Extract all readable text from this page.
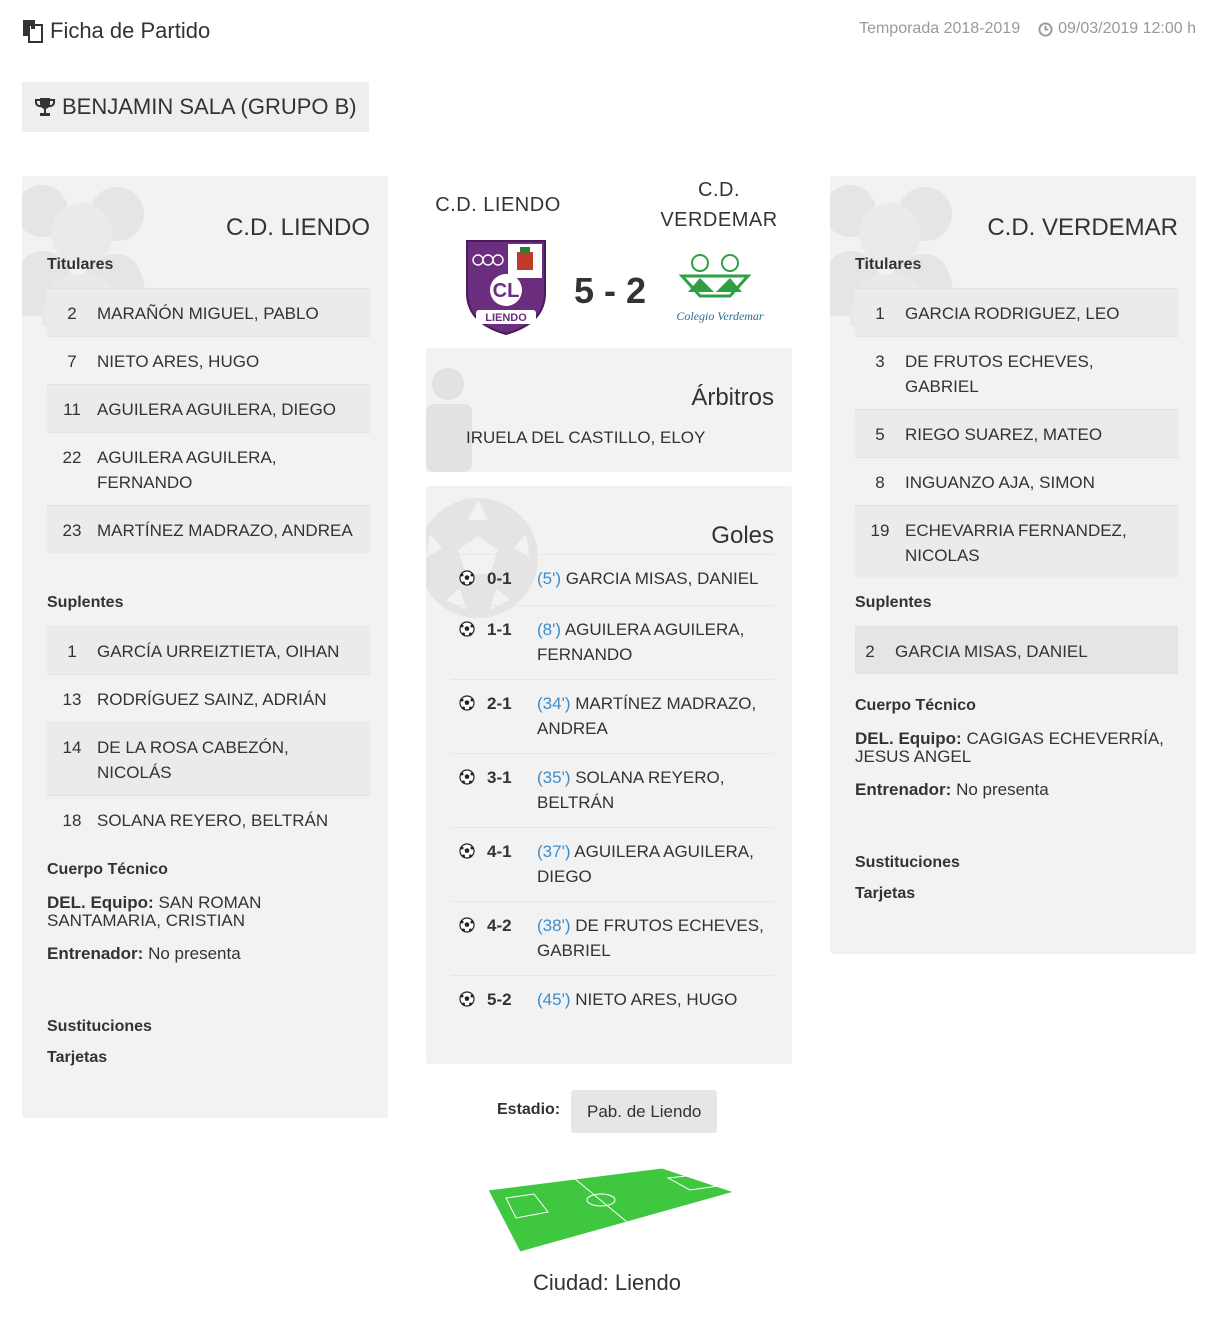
Ficha de Partido	Temporada 2018-2019 09/03/2019 12:00 h
BENJAMIN SALA (GRUPO B)
C.D. LIENDO
Titulares
2	MARAÑÓN MIGUEL, PABLO
7	NIETO ARES, HUGO
11 AGUILERA AGUILERA, DIEGO
22 AGUILERA AGUILERA, FERNANDO
23 MARTÍNEZ MADRAZO, ANDREA
Suplentes
1	GARCÍA URREIZTIETA, OIHAN
13 RODRÍGUEZ SAINZ, ADRIÁN
14 DE LA ROSA CABEZÓN, NICOLÁS
18 SOLANA REYERO, BELTRÁN
Cuerpo Técnico
DEL. Equipo: SAN ROMAN SANTAMARIA, CRISTIAN
Entrenador: No presenta
Sustituciones
Tarjetas
C.D. LIENDO
C.D.
VERDEMAR
CL
LIENDO
5 - 2
Colegio Verdemar
Árbitros
IRUELA DEL CASTILLO, ELOY
Goles
0-1	(5') GARCIA MISAS, DANIEL
1-1	(8') AGUILERA AGUILERA, FERNANDO
2-1	(34') MARTÍNEZ MADRAZO, ANDREA
3-1	(35') SOLANA REYERO, BELTRÁN
4-1	(37') AGUILERA AGUILERA, DIEGO
4-2	(38') DE FRUTOS ECHEVES, GABRIEL
5-2	(45') NIETO ARES, HUGO
C.D. VERDEMAR
Titulares
1	GARCIA RODRIGUEZ, LEO
3	DE FRUTOS ECHEVES, GABRIEL
5	RIEGO SUAREZ, MATEO
8	INGUANZO AJA, SIMON
19 ECHEVARRIA FERNANDEZ, NICOLAS
Suplentes
2	GARCIA MISAS, DANIEL
Cuerpo Técnico
DEL. Equipo: CAGIGAS ECHEVERRÍA, JESUS ANGEL
Entrenador: No presenta
Sustituciones
Tarjetas
Estadio:	Pab. de Liendo
Ciudad: Liendo
